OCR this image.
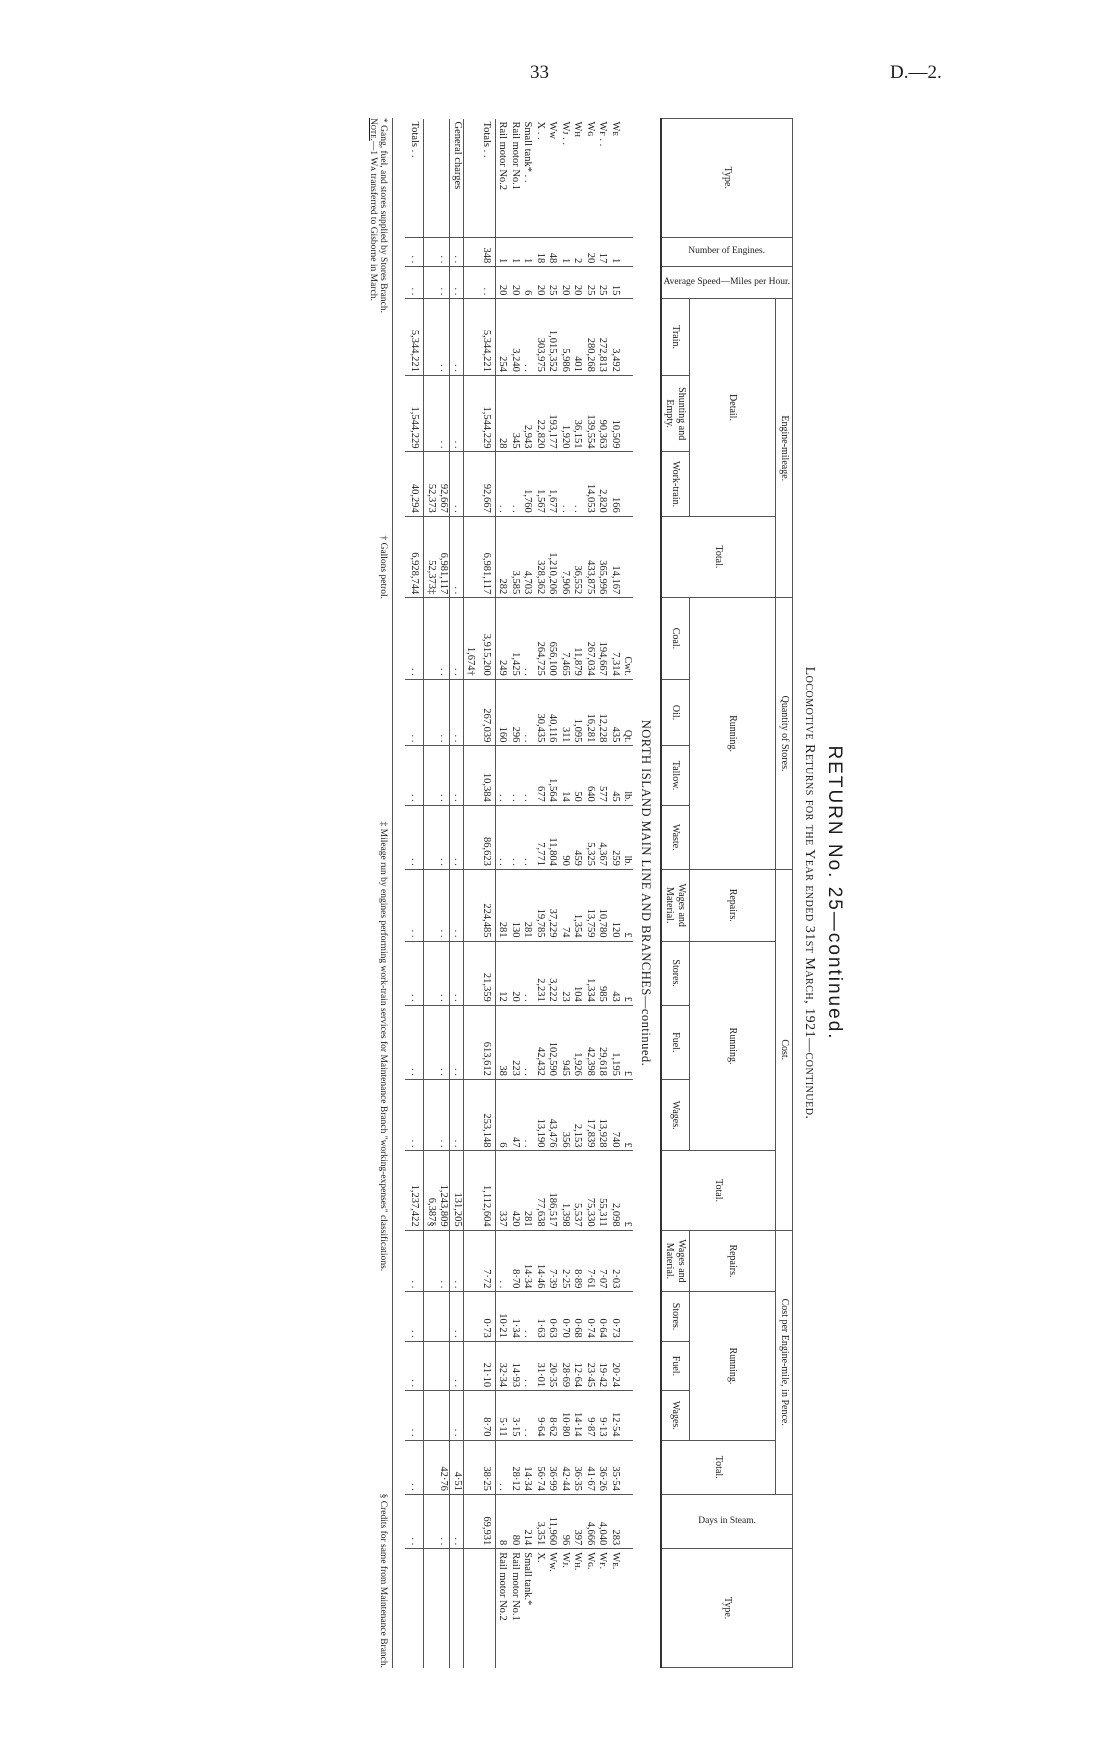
33	D.—2.
RETURN No. 25—continued.
Locomotive Returns for the Year ended 31st March, 1921—continued.
Type.	Number of Engines.	Average Speed—Miles per Hour.	Engine-mileage.				Quantity of Stores.				Cost.					Cost per Engine-mile, in Pence.					Days in Steam.	Type.
			Detail.			Total.	Running.				Repairs.	Running.			Total.	Repairs.	Running.			Total.		
			Train.	Shunting and Empty.	Work-train.		Coal.	Oil.	Tallow.	Waste.	Wages and Material.	Stores.	Fuel.	Wages.		Wages and Material.	Stores.	Fuel.	Wages.			
NORTH ISLAND MAIN LINE AND BRANCHES—continued.																						
							Cwt.	Qt.	lb.	lb.	£	£	£	£	£							
Wᴇ	1	15	3,492	10,509	166	14,167	7,314	435	45	259	120	43	1,195	740	2,098	2·03	0·73	20·24	12·54	35·54	283	Wᴇ.
Wғ . .	17	25	272,813	90,363	2,820	365,996	194,667	12,228	577	4,367	10,780	985	29,618	13,928	55,311	7·07	0·64	19·42	9·13	36·26	4,040	Wғ.
Wɢ	20	25	280,268	139,554	14,053	433,875	267,034	16,281	640	5,325	13,759	1,334	42,398	17,839	75,330	7·61	0·74	23·45	9·87	41·67	4,666	Wɢ.
Wʜ	2	20	401	36,151	. .	36,552	11,879	1,095	50	459	1,354	104	1,926	2,153	5,537	8·89	0·68	12·64	14·14	36·35	397	Wʜ.
Wᴊ . .	1	20	5,986	1,920	. .	7,906	7,465	311	14	90	74	23	945	356	1,398	2·25	0·70	28·69	10·80	42·44	96	Wᴊ.
Ww	48	25	1,015,352	193,177	1,677	1,210,206	656,100	40,116	1,564	11,804	37,229	3,222	102,590	43,476	186,517	7·39	0·63	20·35	8·62	36·99	11,960	Ww.
X . .	18	20	303,975	22,820	1,567	328,362	264,725	30,435	677	7,771	19,785	2,231	42,432	13,190	77,638	14·46	1·63	31·01	9·64	56·74	3,351	X.
Small tank* . .	1	6	. .	2,943	1,760	4,703	. .	. .	. .	. .	281	. .	. .	. .	281	14·34	. .	. .	. .	14·34	214	Small tank.*
Rail motor No.1	1	20	3,240	345	. .	3,585	1,425	296	. .	. .	130	20	223	47	420	8·70	1·34	14·93	3·15	28·12	80	Rail motor No.1
Rail motor No.2	1	20	254	28	. .	282	249	160	. .	. .	281	12	38	6	337	. .	10·21	32·34	5·11	. .	8	Rail motor No.2
Totals . .	348	. .	5,344,221	1,544,229	92,667	6,981,117	3,915,200	267,039	10,384	86,623	224,485	21,359	613,612	253,148	1,112,604	7·72	0·73	21·10	8·70	38·25	69,931	
							1,674†															
General charges	. .	. .	. .	. .	. .	. .	. .	. .	. .	. .	. .	. .	. .	. .	131,205	. .	. .	. .	. .	4·51	. .	
	. .	. .	. .	. .	92,667	6,981,117	. .	. .	. .	. .	. .	. .	. .	. .	1,243,809	. .				42·76	. .	
					52,373	52,373‡									6,387§							
Totals . .	. .	. .	5,344,221	1,544,229	40,294	6,928,744	. .	. .	. .	. .	. .	. .	. .	. .	1,237,422	. .	. .	. .	. .	. .	. .	
* Gang, fuel, and stores supplied by Stores Branch.
Note.—1 Wᴀ transferred to Gisborne in March.
† Gallons petrol.
‡ Mileage run by engines performing work-train services for Maintenance Branch "working-expenses" classifications.
§ Credits for same from Maintenance Branch.
